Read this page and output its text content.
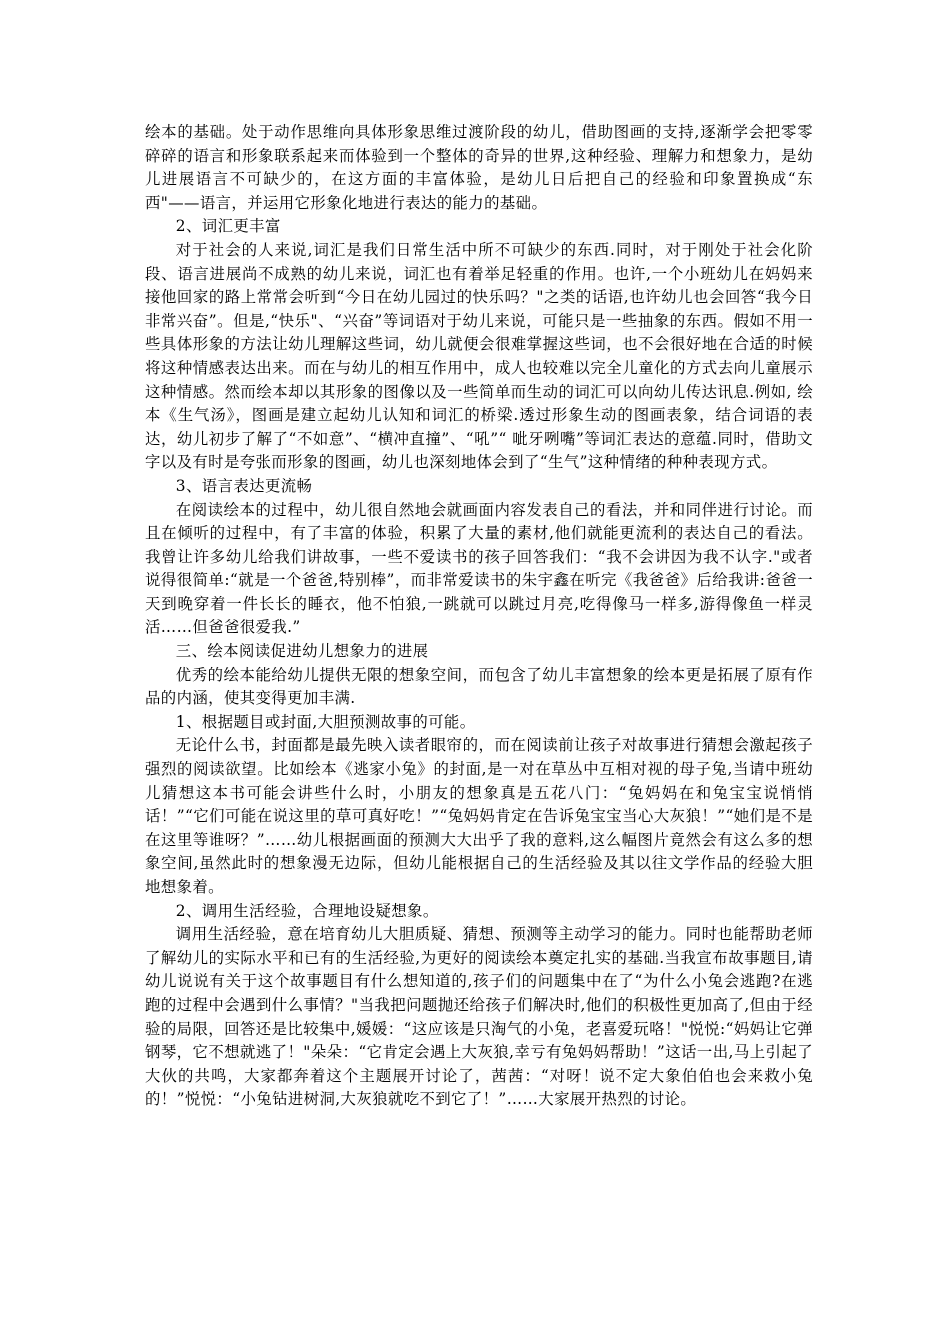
绘本的基础。处于动作思维向具体形象思维过渡阶段的幼儿，借助图画的支持,逐渐学会把零零碎碎的语言和形象联系起来而体验到一个整体的奇异的世界,这种经验、理解力和想象力，是幼儿进展语言不可缺少的，在这方面的丰富体验，是幼儿日后把自己的经验和印象置换成“东西"——语言，并运用它形象化地进行表达的能力的基础。

2、词汇更丰富

对于社会的人来说,词汇是我们日常生活中所不可缺少的东西.同时，对于刚处于社会化阶段、语言进展尚不成熟的幼儿来说，词汇也有着举足轻重的作用。也许,一个小班幼儿在妈妈来接他回家的路上常常会听到“今日在幼儿园过的快乐吗？"之类的话语,也许幼儿也会回答“我今日非常兴奋”。但是,“快乐"、“兴奋”等词语对于幼儿来说，可能只是一些抽象的东西。假如不用一些具体形象的方法让幼儿理解这些词，幼儿就便会很难掌握这些词，也不会很好地在合适的时候将这种情感表达出来。而在与幼儿的相互作用中，成人也较难以完全儿童化的方式去向儿童展示这种情感。然而绘本却以其形象的图像以及一些简单而生动的词汇可以向幼儿传达讯息.例如, 绘本《生气汤》，图画是建立起幼儿认知和词汇的桥梁.透过形象生动的图画表象，结合词语的表达，幼儿初步了解了“不如意”、“横冲直撞”、“吼”“ 呲牙咧嘴”等词汇表达的意蕴.同时，借助文字以及有时是夸张而形象的图画，幼儿也深刻地体会到了“生气”这种情绪的种种表现方式。

3、语言表达更流畅

在阅读绘本的过程中，幼儿很自然地会就画面内容发表自己的看法，并和同伴进行讨论。而且在倾听的过程中，有了丰富的体验，积累了大量的素材,他们就能更流利的表达自己的看法。我曾让许多幼儿给我们讲故事，一些不爱读书的孩子回答我们：“我不会讲因为我不认字."或者说得很简单:“就是一个爸爸,特别棒”，而非常爱读书的朱宇鑫在听完《我爸爸》后给我讲:爸爸一天到晚穿着一件长长的睡衣，他不怕狼,一跳就可以跳过月亮,吃得像马一样多,游得像鱼一样灵活……但爸爸很爱我.”

三、绘本阅读促进幼儿想象力的进展

优秀的绘本能给幼儿提供无限的想象空间，而包含了幼儿丰富想象的绘本更是拓展了原有作品的内涵，使其变得更加丰满.

1、根据题目或封面,大胆预测故事的可能。

无论什么书，封面都是最先映入读者眼帘的，而在阅读前让孩子对故事进行猜想会激起孩子强烈的阅读欲望。比如绘本《逃家小兔》的封面,是一对在草丛中互相对视的母子兔,当请中班幼儿猜想这本书可能会讲些什么时，小朋友的想象真是五花八门：“兔妈妈在和兔宝宝说悄悄话！”“它们可能在说这里的草可真好吃！”“兔妈妈肯定在告诉兔宝宝当心大灰狼！”“她们是不是在这里等谁呀？”……幼儿根据画面的预测大大出乎了我的意料,这么幅图片竟然会有这么多的想象空间,虽然此时的想象漫无边际，但幼儿能根据自己的生活经验及其以往文学作品的经验大胆地想象着。

2、调用生活经验，合理地设疑想象。

调用生活经验，意在培育幼儿大胆质疑、猜想、预测等主动学习的能力。同时也能帮助老师了解幼儿的实际水平和已有的生活经验,为更好的阅读绘本奠定扎实的基础.当我宣布故事题目,请幼儿说说有关于这个故事题目有什么想知道的,孩子们的问题集中在了“为什么小兔会逃跑?在逃跑的过程中会遇到什么事情？"当我把问题抛还给孩子们解决时,他们的积极性更加高了,但由于经验的局限，回答还是比较集中,媛媛：“这应该是只淘气的小兔，老喜爱玩咯！"悦悦:“妈妈让它弹钢琴，它不想就逃了！"朵朵：“它肯定会遇上大灰狼,幸亏有兔妈妈帮助！”这话一出,马上引起了大伙的共鸣，大家都奔着这个主题展开讨论了，茜茜：“对呀！说不定大象伯伯也会来救小兔的！”悦悦：“小兔钻进树洞,大灰狼就吃不到它了！”……大家展开热烈的讨论。
